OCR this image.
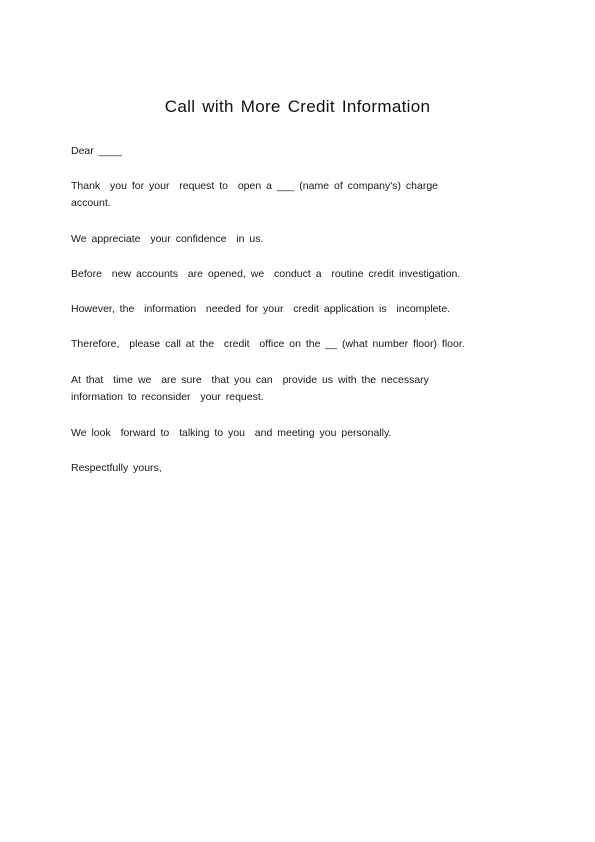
Call with More Credit Information
Dear ____
Thank  you for your  request to  open a ___ (name of company's) charge
account.
We appreciate  your confidence  in us.
Before  new accounts  are opened, we  conduct a  routine credit investigation.
However, the  information  needed for your  credit application is  incomplete.
Therefore,  please call at the  credit  office on the __ (what number floor) floor.
At that  time we  are sure  that you can  provide us with the necessary
information to reconsider  your request.
We look  forward to  talking to you  and meeting you personally.
Respectfully yours,
